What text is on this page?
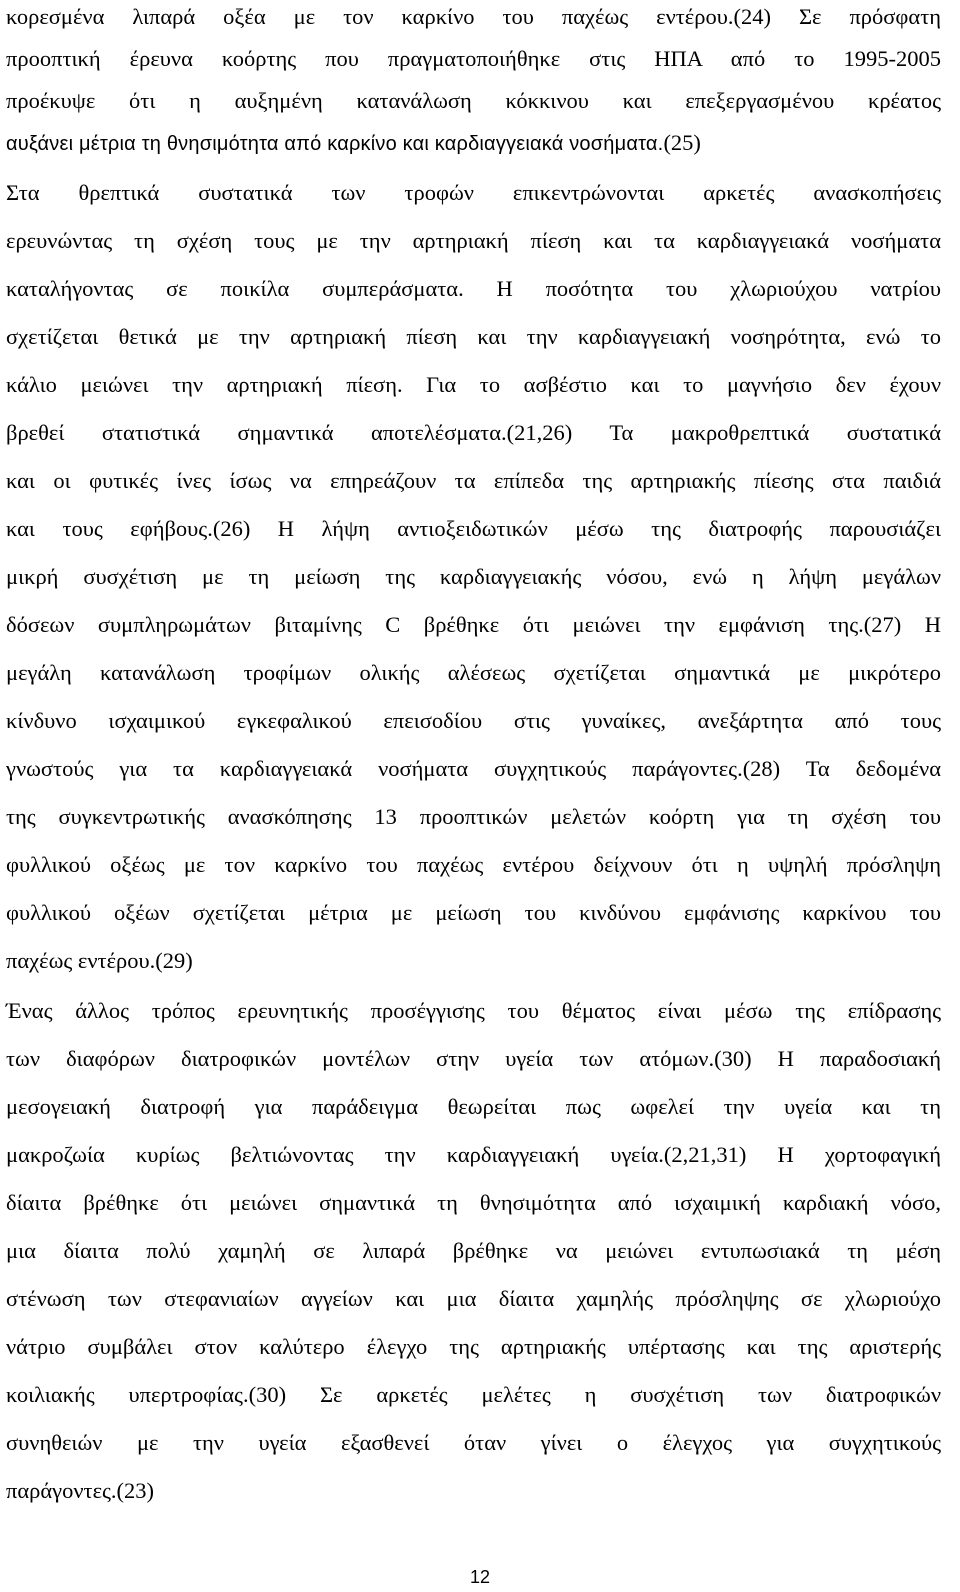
κορεσμένα λιπαρά οξέα με τον καρκίνο του παχέως εντέρου.(24) Σε πρόσφατη
προοπτική έρευνα κοόρτης που πραγματοποιήθηκε στις ΗΠΑ από το 1995-2005
προέκυψε ότι η αυξημένη κατανάλωση κόκκινου και επεξεργασμένου κρέατος
αυξάνει μέτρια τη θνησιμότητα από καρκίνο και καρδιαγγειακά νοσήματα.(25)
Στα θρεπτικά συστατικά των τροφών επικεντρώνονται αρκετές ανασκοπήσεις
ερευνώντας τη σχέση τους με την αρτηριακή πίεση και τα καρδιαγγειακά νοσήματα
καταλήγοντας σε ποικίλα συμπεράσματα. Η ποσότητα του χλωριούχου νατρίου
σχετίζεται θετικά με την αρτηριακή πίεση και την καρδιαγγειακή νοσηρότητα, ενώ το
κάλιο μειώνει την αρτηριακή πίεση. Για το ασβέστιο και το μαγνήσιο δεν έχουν
βρεθεί στατιστικά σημαντικά αποτελέσματα.(21,26) Τα μακροθρεπτικά συστατικά
και οι φυτικές ίνες ίσως να επηρεάζουν τα επίπεδα της αρτηριακής πίεσης στα παιδιά
και τους εφήβους.(26) Η λήψη αντιοξειδωτικών μέσω της διατροφής παρουσιάζει
μικρή συσχέτιση με τη μείωση της καρδιαγγειακής νόσου, ενώ η λήψη μεγάλων
δόσεων συμπληρωμάτων βιταμίνης C βρέθηκε ότι μειώνει την εμφάνιση της.(27) Η
μεγάλη κατανάλωση τροφίμων ολικής αλέσεως σχετίζεται σημαντικά με μικρότερο
κίνδυνο ισχαιμικού εγκεφαλικού επεισοδίου στις γυναίκες, ανεξάρτητα από τους
γνωστούς για τα καρδιαγγειακά νοσήματα συγχητικούς παράγοντες.(28) Τα δεδομένα
της συγκεντρωτικής ανασκόπησης 13 προοπτικών μελετών κοόρτη για τη σχέση του
φυλλικού οξέως με τον καρκίνο του παχέως εντέρου δείχνουν ότι η υψηλή πρόσληψη
φυλλικού οξέων σχετίζεται μέτρια με μείωση του κινδύνου εμφάνισης καρκίνου του
παχέως εντέρου.(29)
Ένας άλλος τρόπος ερευνητικής προσέγγισης του θέματος είναι μέσω της επίδρασης
των διαφόρων διατροφικών μοντέλων στην υγεία των ατόμων.(30) Η παραδοσιακή
μεσογειακή διατροφή για παράδειγμα θεωρείται πως ωφελεί την υγεία και τη
μακροζωία κυρίως βελτιώνοντας την καρδιαγγειακή υγεία.(2,21,31) Η χορτοφαγική
δίαιτα βρέθηκε ότι μειώνει σημαντικά τη θνησιμότητα από ισχαιμική καρδιακή νόσο,
μια δίαιτα πολύ χαμηλή σε λιπαρά βρέθηκε να μειώνει εντυπωσιακά τη μέση
στένωση των στεφανιαίων αγγείων και μια δίαιτα χαμηλής πρόσληψης σε χλωριούχο
νάτριο συμβάλει στον καλύτερο έλεγχο της αρτηριακής υπέρτασης και της αριστερής
κοιλιακής υπερτροφίας.(30) Σε αρκετές μελέτες η συσχέτιση των διατροφικών
συνηθειών με την υγεία εξασθενεί όταν γίνει ο έλεγχος για συγχητικούς
παράγοντες.(23)
12
